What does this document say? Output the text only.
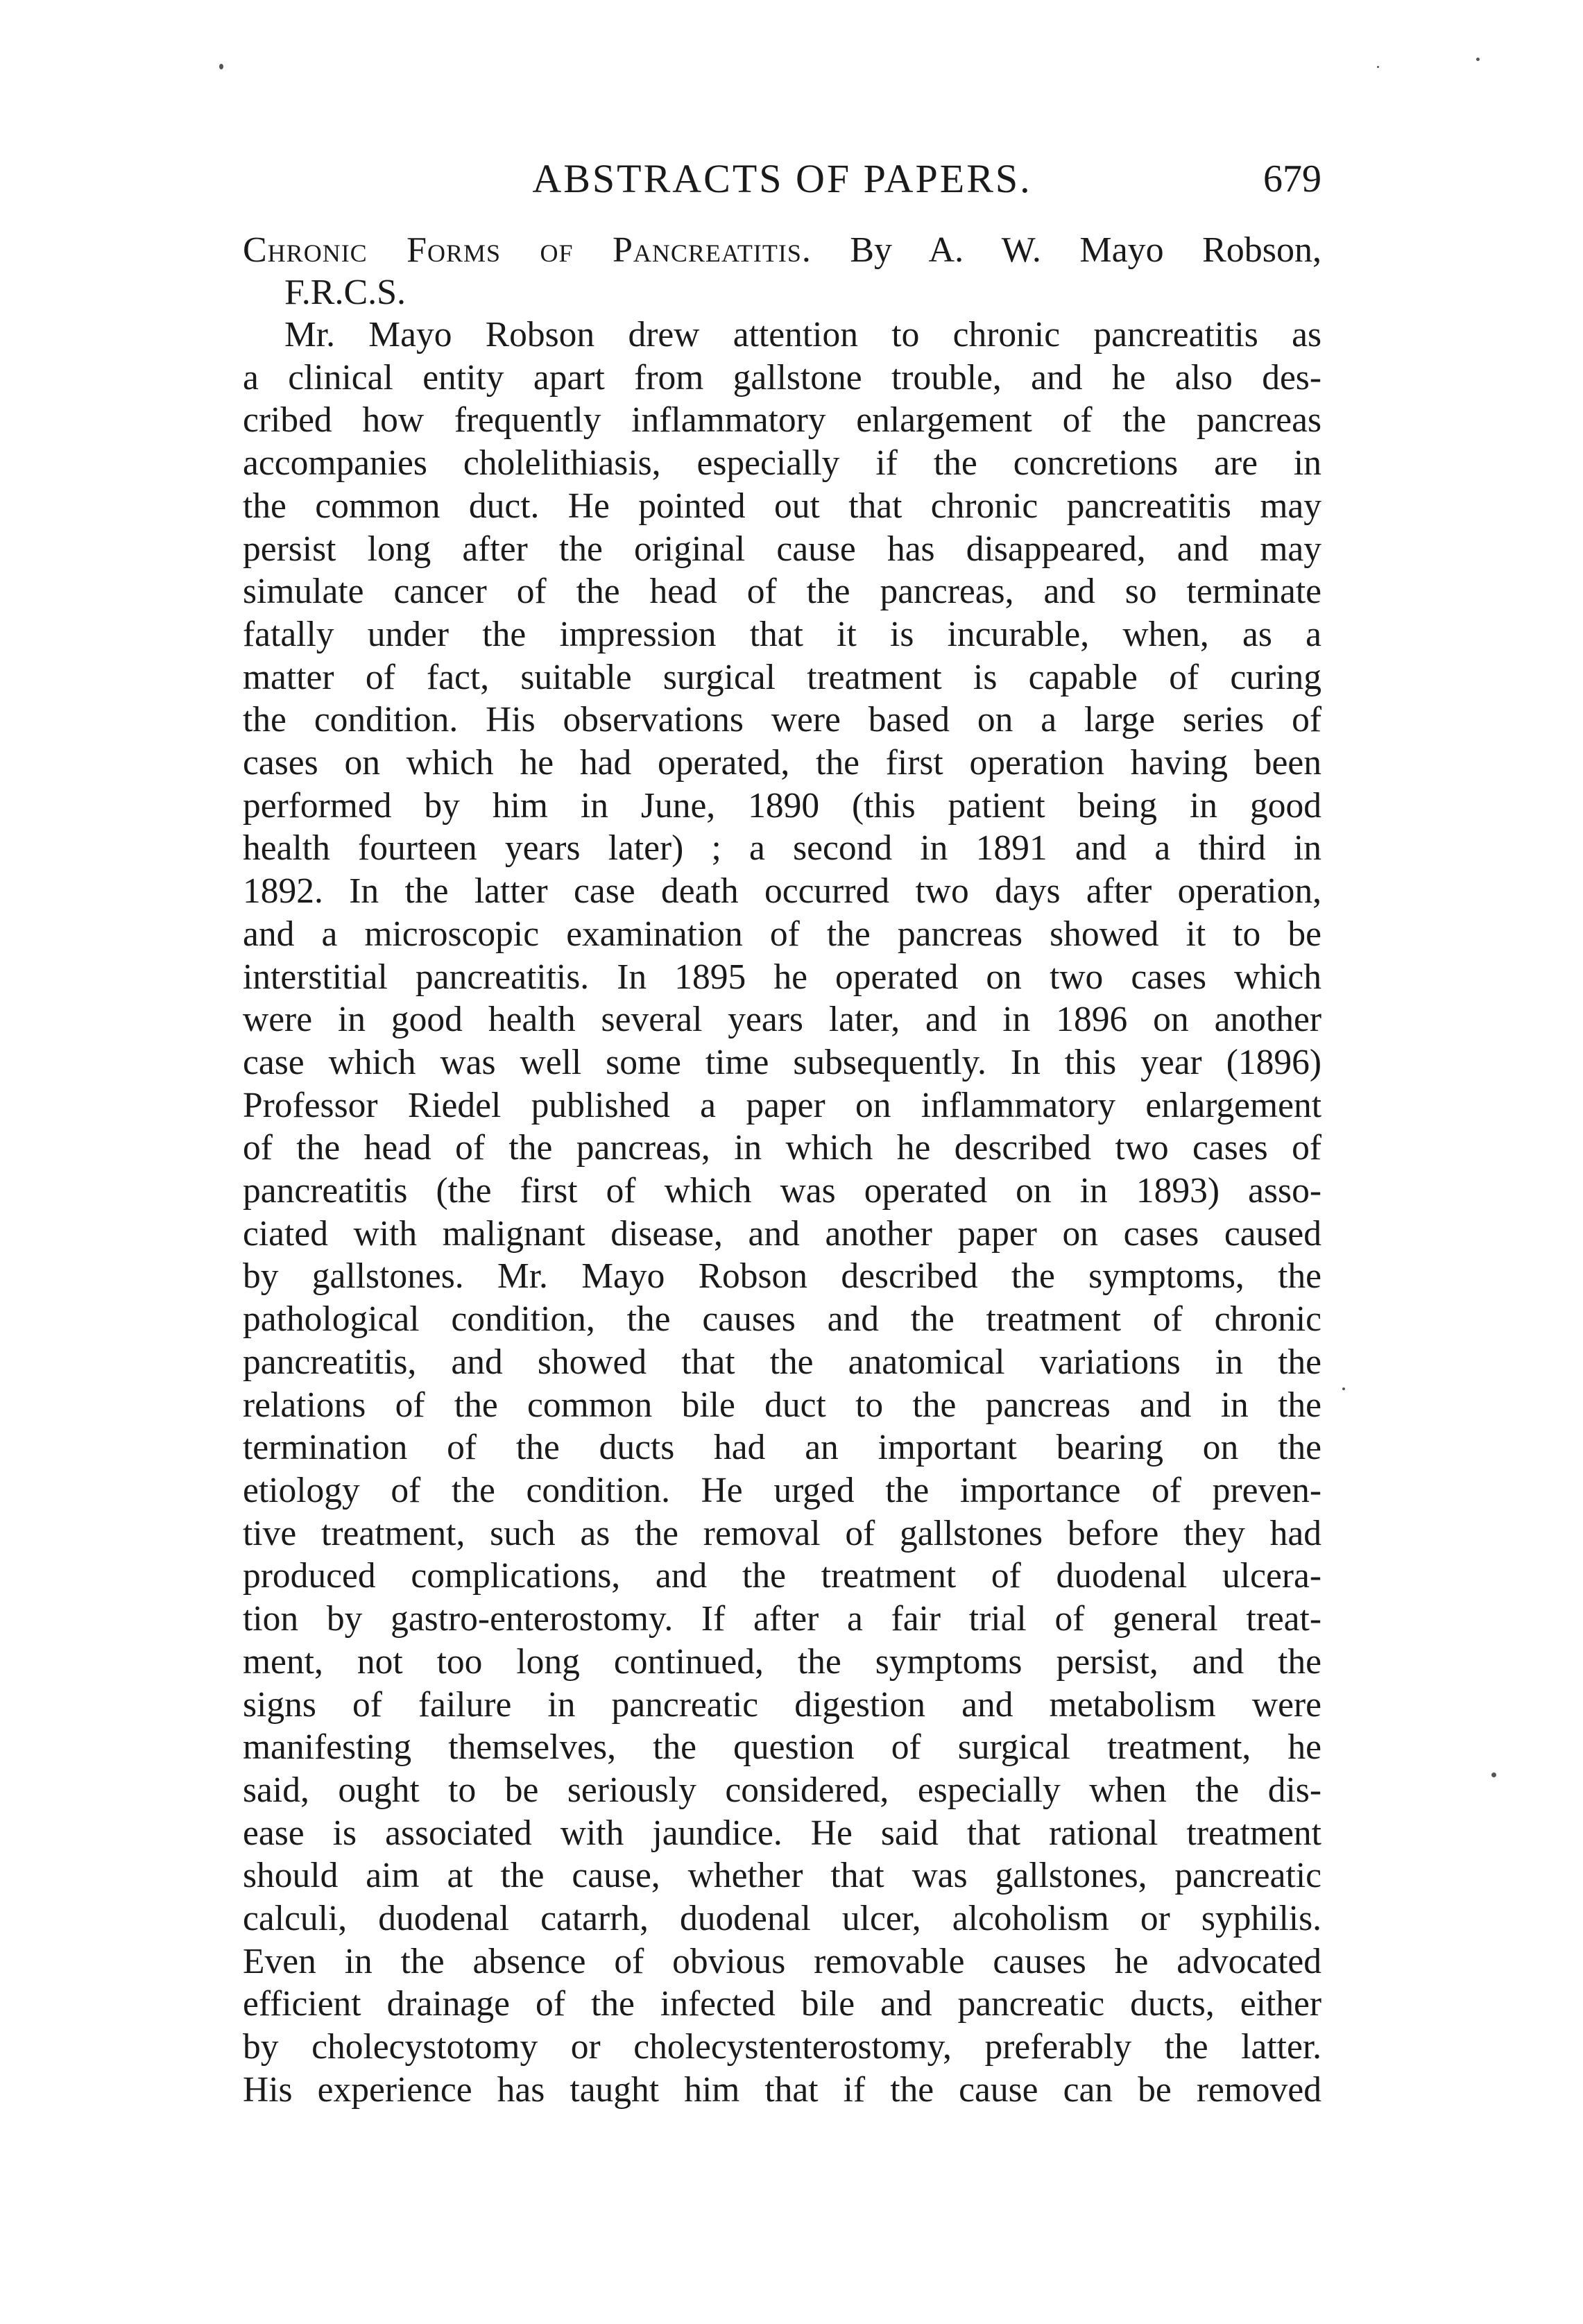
ABSTRACTS OF PAPERS.	679

Chronic Forms of Pancreatitis. By A. W. Mayo Robson,

F.R.C.S.

Mr. Mayo Robson drew attention to chronic pancreatitis as
a clinical entity apart from gallstone trouble, and he also des-
cribed how frequently inflammatory enlargement of the pancreas
accompanies cholelithiasis, especially if the concretions are in
the common duct. He pointed out that chronic pancreatitis may
persist long after the original cause has disappeared, and may
simulate cancer of the head of the pancreas, and so terminate
fatally under the impression that it is incurable, when, as a
matter of fact, suitable surgical treatment is capable of curing
the condition. His observations were based on a large series of
cases on which he had operated, the first operation having been
performed by him in June, 1890 (this patient being in good
health fourteen years later) ; a second in 1891 and a third in
1892. In the latter case death occurred two days after operation,
and a microscopic examination of the pancreas showed it to be
interstitial pancreatitis. In 1895 he operated on two cases which
were in good health several years later, and in 1896 on another
case which was well some time subsequently. In this year (1896)
Professor Riedel published a paper on inflammatory enlargement
of the head of the pancreas, in which he described two cases of
pancreatitis (the first of which was operated on in 1893) asso-
ciated with malignant disease, and another paper on cases caused
by gallstones. Mr. Mayo Robson described the symptoms, the
pathological condition, the causes and the treatment of chronic
pancreatitis, and showed that the anatomical variations in the
relations of the common bile duct to the pancreas and in the
termination of the ducts had an important bearing on the
etiology of the condition. He urged the importance of preven-
tive treatment, such as the removal of gallstones before they had
produced complications, and the treatment of duodenal ulcera-
tion by gastro-enterostomy. If after a fair trial of general treat-
ment, not too long continued, the symptoms persist, and the
signs of failure in pancreatic digestion and metabolism were
manifesting themselves, the question of surgical treatment, he
said, ought to be seriously considered, especially when the dis-
ease is associated with jaundice. He said that rational treatment
should aim at the cause, whether that was gallstones, pancreatic
calculi, duodenal catarrh, duodenal ulcer, alcoholism or syphilis.
Even in the absence of obvious removable causes he advocated
efficient drainage of the infected bile and pancreatic ducts, either
by cholecystotomy or cholecystenterostomy, preferably the latter.
His experience has taught him that if the cause can be removed
